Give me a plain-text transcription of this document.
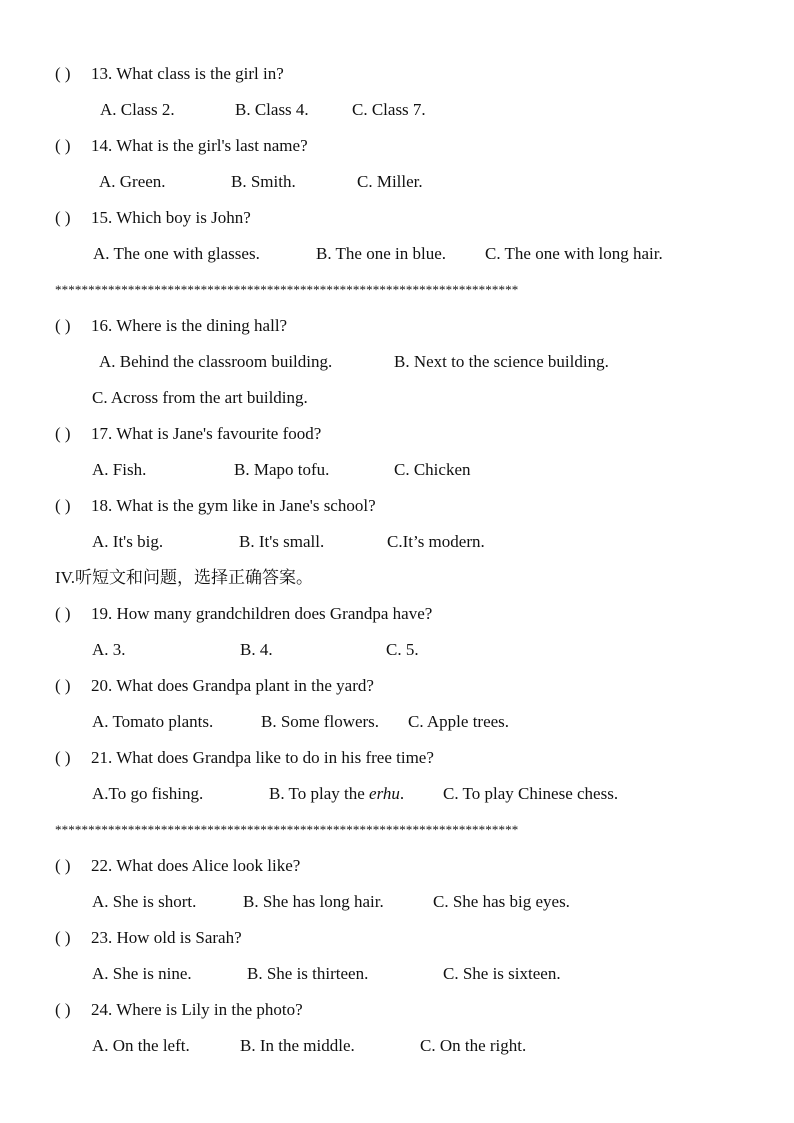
( ) 13. What class is the girl in?
A. Class 2.	B. Class 4.	C. Class 7.
( ) 14. What is the girl's last name?
A. Green.	B. Smith.	C. Miller.
( ) 15. Which boy is John?
A. The one with glasses.	B. The one in blue. C. The one with long hair.
**********************************************************************
( ) 16. Where is the dining hall?
A. Behind the classroom building.	B. Next to the science building.
C. Across from the art building.
( ) 17. What is Jane's favourite food?
A. Fish.	B. Mapo tofu.	C. Chicken
( ) 18. What is the gym like in Jane's school?
A. It's big.	B. It's small.	C.It’s modern.
IV.听短文和问题，选择正确答案。
( ) 19. How many grandchildren does Grandpa have?
A. 3.	B. 4.	C. 5.
( ) 20. What does Grandpa plant in the yard?
A. Tomato plants.	B. Some flowers. C. Apple trees.
( ) 21. What does Grandpa like to do in his free time?
A.To go fishing.	B. To play the erhu. C. To play Chinese chess.
**********************************************************************
( ) 22. What does Alice look like?
A. She is short.	B. She has long hair.	C. She has big eyes.
( ) 23. How old is Sarah?
A. She is nine.	B. She is thirteen.	C. She is sixteen.
( ) 24. Where is Lily in the photo?
A. On the left.	B. In the middle.	C. On the right.
